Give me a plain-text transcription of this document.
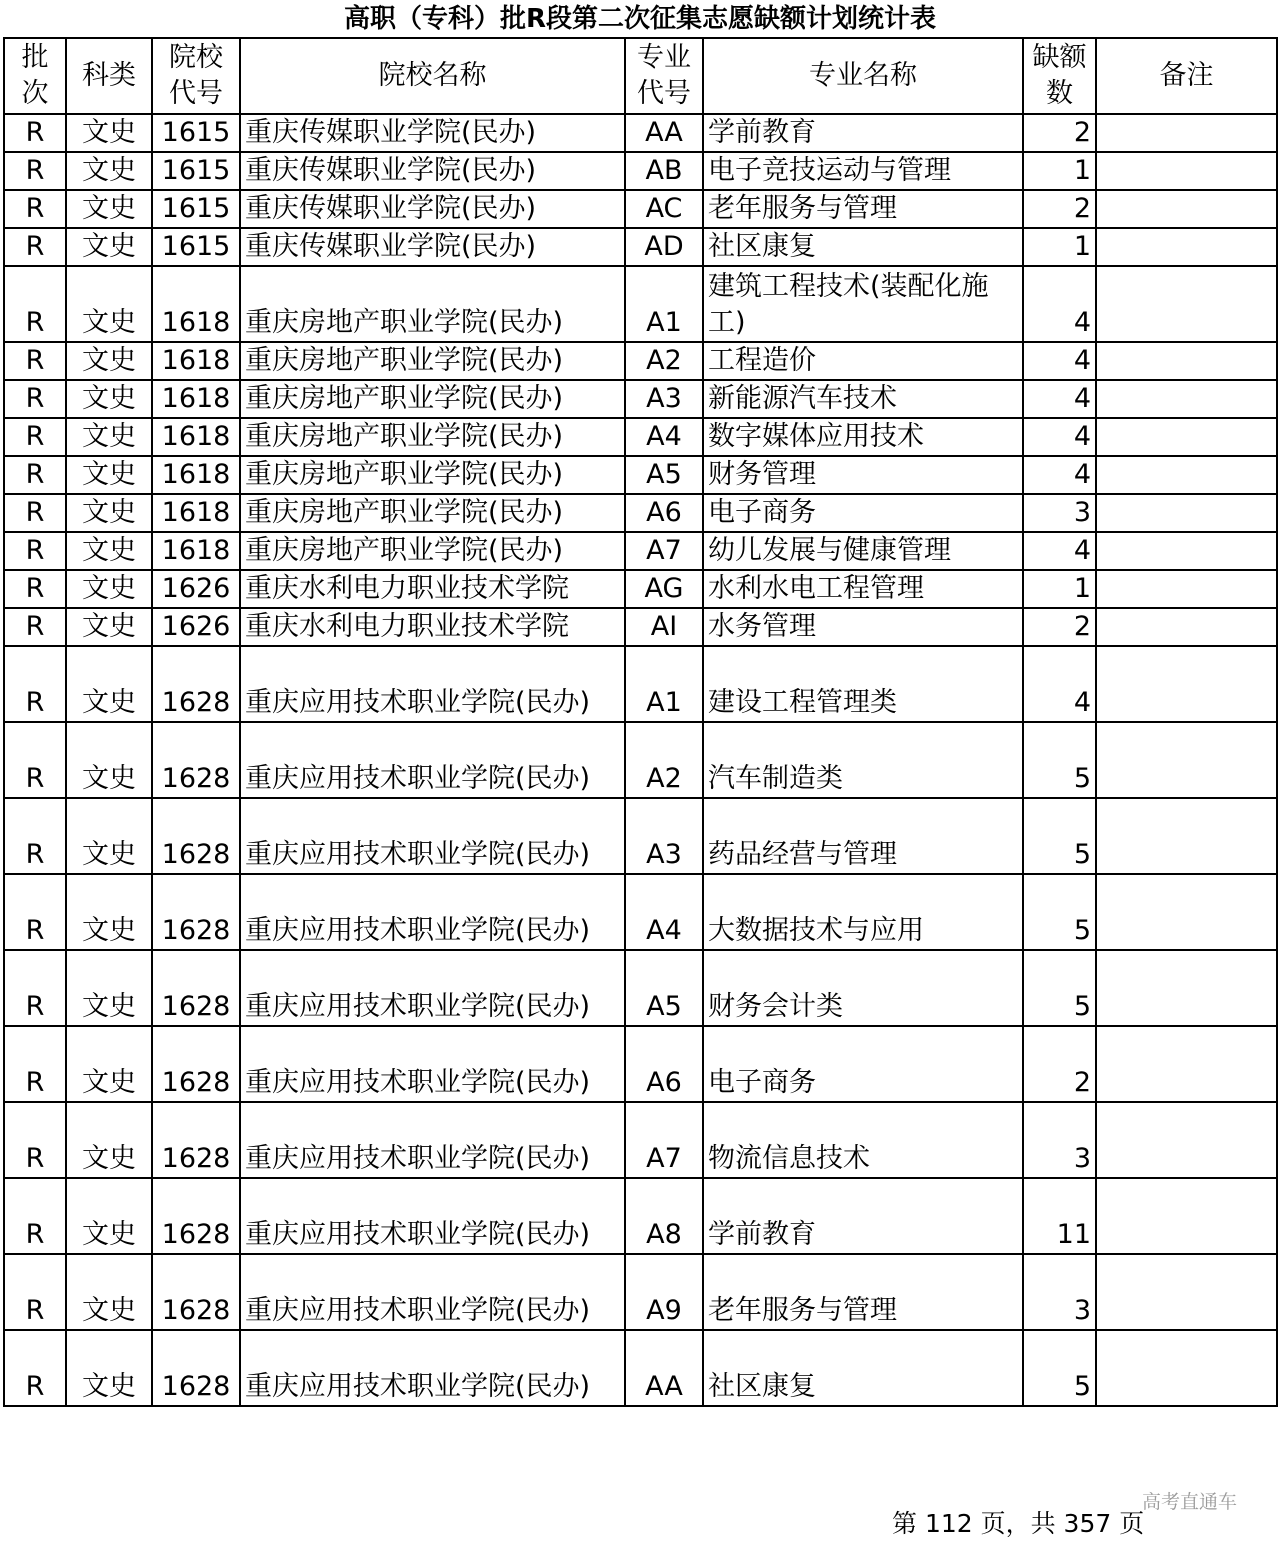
高职（专科）批R段第二次征集志愿缺额计划统计表
批次	科类	院校代号	院校名称	专业代号	专业名称	缺额数	备注
R	文史	1615	重庆传媒职业学院(民办)	AA	学前教育	2	
R	文史	1615	重庆传媒职业学院(民办)	AB	电子竞技运动与管理	1	
R	文史	1615	重庆传媒职业学院(民办)	AC	老年服务与管理	2	
R	文史	1615	重庆传媒职业学院(民办)	AD	社区康复	1	
R	文史	1618	重庆房地产职业学院(民办)	A1	建筑工程技术(装配化施工)	4	
R	文史	1618	重庆房地产职业学院(民办)	A2	工程造价	4	
R	文史	1618	重庆房地产职业学院(民办)	A3	新能源汽车技术	4	
R	文史	1618	重庆房地产职业学院(民办)	A4	数字媒体应用技术	4	
R	文史	1618	重庆房地产职业学院(民办)	A5	财务管理	4	
R	文史	1618	重庆房地产职业学院(民办)	A6	电子商务	3	
R	文史	1618	重庆房地产职业学院(民办)	A7	幼儿发展与健康管理	4	
R	文史	1626	重庆水利电力职业技术学院	AG	水利水电工程管理	1	
R	文史	1626	重庆水利电力职业技术学院	AI	水务管理	2	
R	文史	1628	重庆应用技术职业学院(民办)	A1	建设工程管理类	4	
R	文史	1628	重庆应用技术职业学院(民办)	A2	汽车制造类	5	
R	文史	1628	重庆应用技术职业学院(民办)	A3	药品经营与管理	5	
R	文史	1628	重庆应用技术职业学院(民办)	A4	大数据技术与应用	5	
R	文史	1628	重庆应用技术职业学院(民办)	A5	财务会计类	5	
R	文史	1628	重庆应用技术职业学院(民办)	A6	电子商务	2	
R	文史	1628	重庆应用技术职业学院(民办)	A7	物流信息技术	3	
R	文史	1628	重庆应用技术职业学院(民办)	A8	学前教育	11	
R	文史	1628	重庆应用技术职业学院(民办)	A9	老年服务与管理	3	
R	文史	1628	重庆应用技术职业学院(民办)	AA	社区康复	5	
高考直通车
第 112 页，共 357 页
